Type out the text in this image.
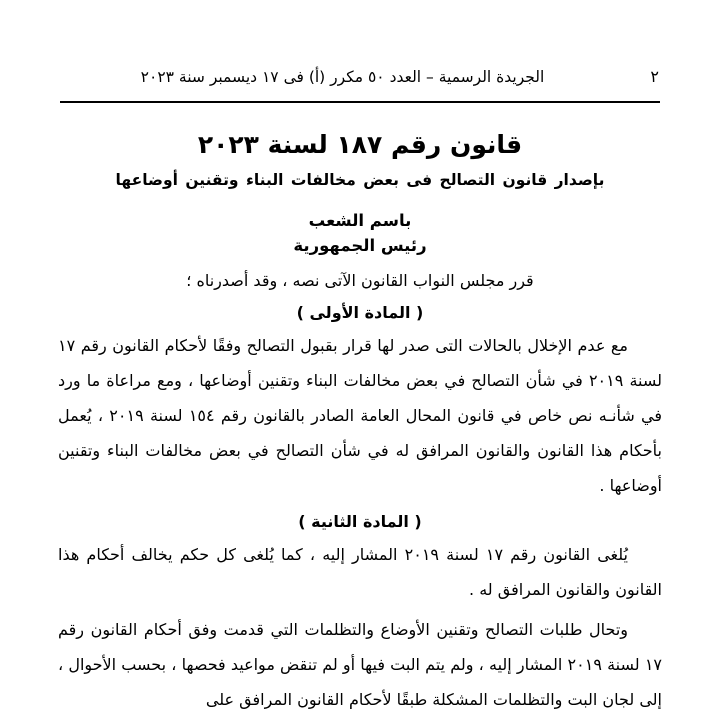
٢
الجريدة الرسمية – العدد ٥٠ مكرر (أ) فى ١٧ ديسمبر سنة ٢٠٢٣
قانون رقم ١٨٧ لسنة ٢٠٢٣
بإصدار قانون التصالح فى بعض مخالفات البناء وتقنين أوضاعها
باسم الشعب
رئيس الجمهورية
قرر مجلس النواب القانون الآتى نصه ، وقد أصدرناه ؛
( المادة الأولى )

مع عدم الإخلال بالحالات التى صدر لها قرار بقبول التصالح وفقًا لأحكام القانون رقم ١٧ لسنة ٢٠١٩ في شأن التصالح في بعض مخالفات البناء وتقنين أوضاعها ، ومع مراعاة ما ورد في شأنـه نص خاص في قانون المحال العامة الصادر بالقانون رقم ١٥٤ لسنة ٢٠١٩ ، يُعمل بأحكام هذا القانون والقانون المرافق له في شأن التصالح في بعض مخالفات البناء وتقنين أوضاعها .

( المادة الثانية )

يُلغى القانون رقم ١٧ لسنة ٢٠١٩ المشار إليه ، كما يُلغى كل حكم يخالف أحكام هذا القانون والقانون المرافق له .

وتحال طلبات التصالح وتقنين الأوضاع والتظلمات التي قدمت وفق أحكام القانون رقم ١٧ لسنة ٢٠١٩ المشار إليه ، ولم يتم البت فيها أو لم تنقض مواعيد فحصها ، بحسب الأحوال ، إلى لجان البت والتظلمات المشكلة طبقًا لأحكام القانون المرافق على
